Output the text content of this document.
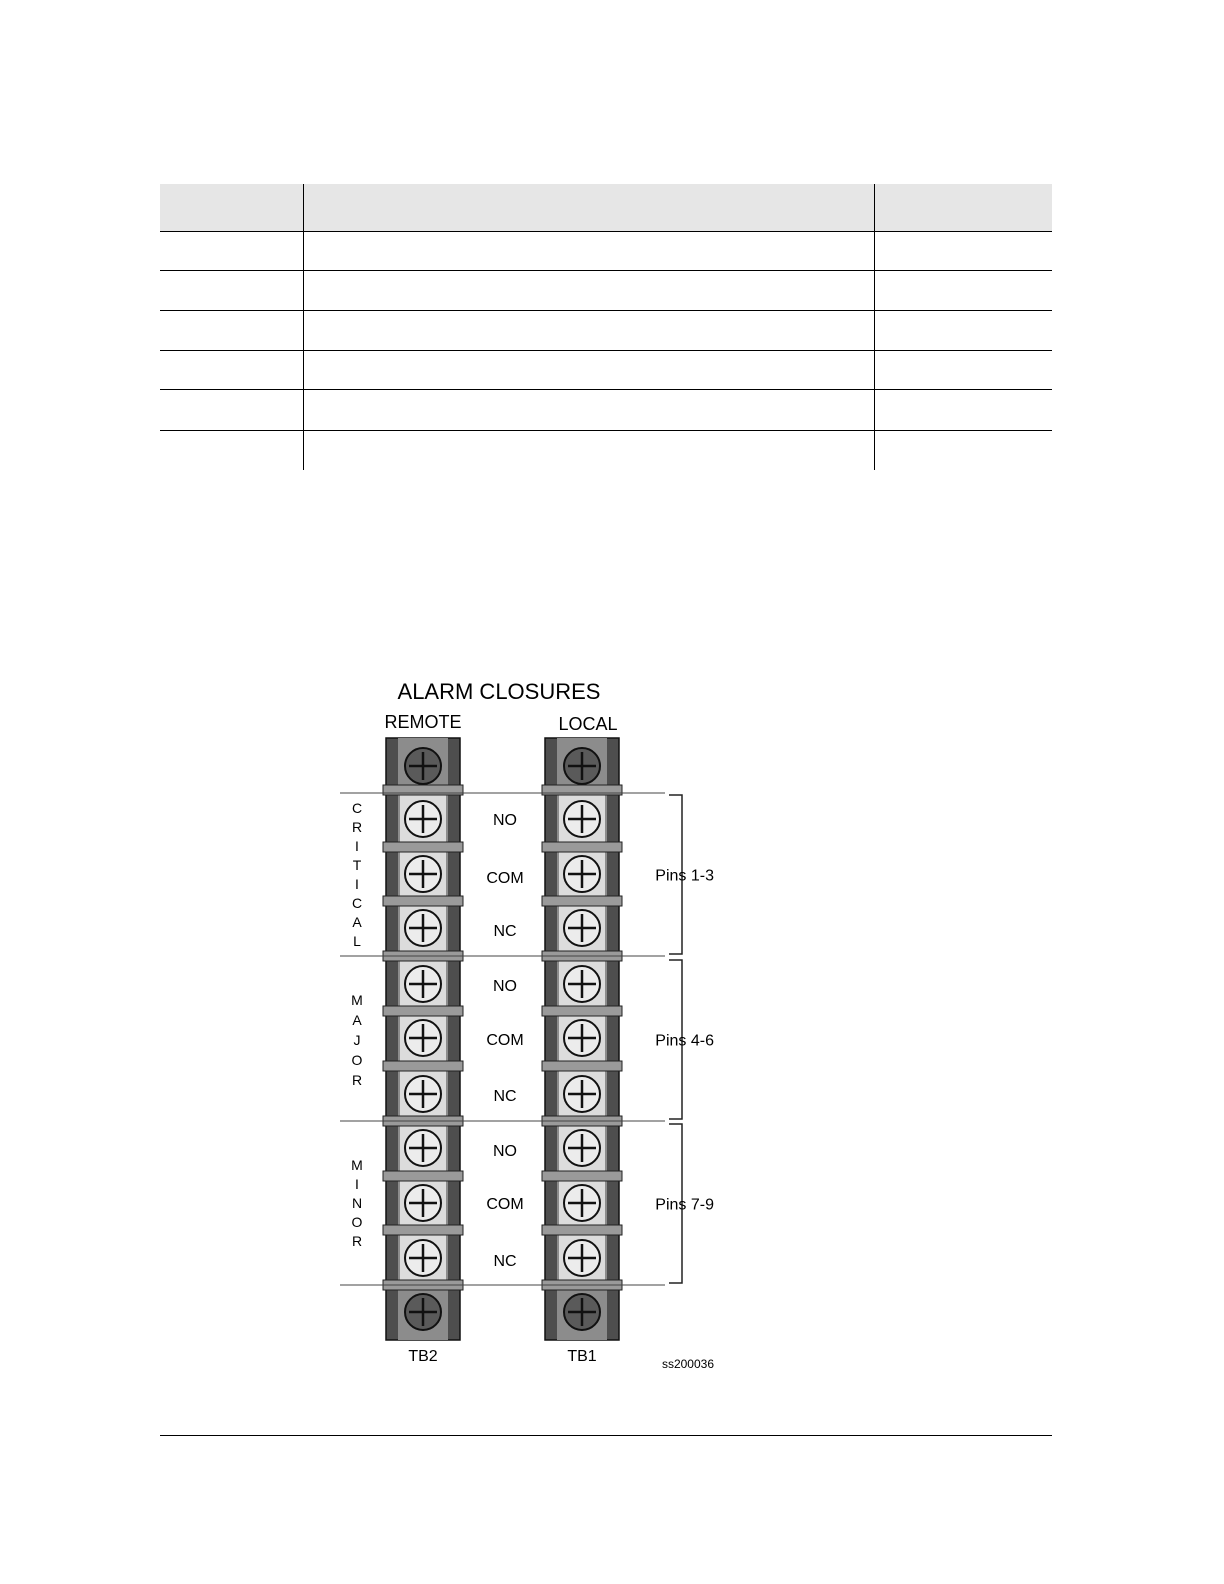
ALARM CLOSURES
REMOTE	LOCAL
C
R
I
T
I
C
A
L
M
A
J
O
R
M
I
N
O
R
NO
COM
NC
NO
COM
NC
NO
COM
NC
Pins 1-3
Pins 4-6
Pins 7-9
TB2	TB1	ss200036
